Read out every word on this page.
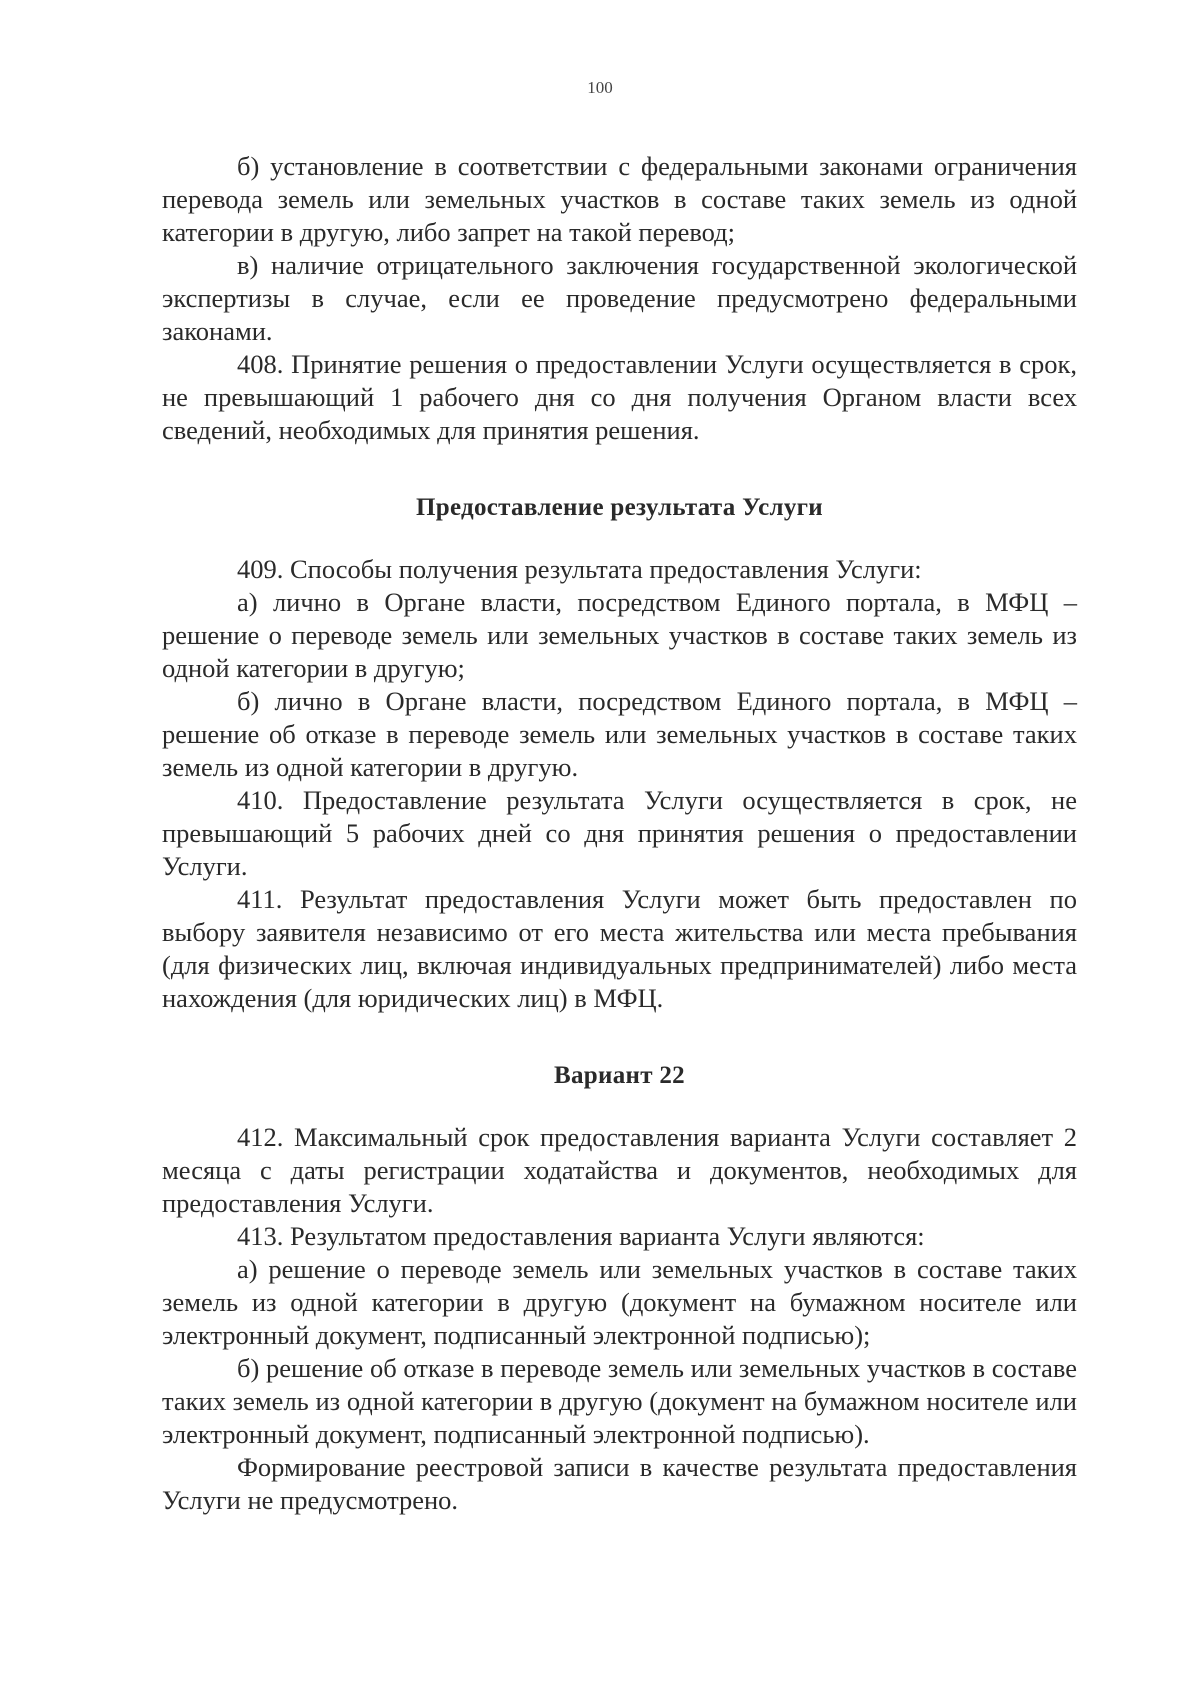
100

б) установление в соответствии с федеральными законами ограничения перевода земель или земельных участков в составе таких земель из одной категории в другую, либо запрет на такой перевод;

в) наличие отрицательного заключения государственной экологической экспертизы в случае, если ее проведение предусмотрено федеральными законами.

408. Принятие решения о предоставлении Услуги осуществляется в срок, не превышающий 1 рабочего дня со дня получения Органом власти всех сведений, необходимых для принятия решения.

Предоставление результата Услуги

409. Способы получения результата предоставления Услуги:

а) лично в Органе власти, посредством Единого портала, в МФЦ – решение о переводе земель или земельных участков в составе таких земель из одной категории в другую;

б) лично в Органе власти, посредством Единого портала, в МФЦ – решение об отказе в переводе земель или земельных участков в составе таких земель из одной категории в другую.

410. Предоставление результата Услуги осуществляется в срок, не превышающий 5 рабочих дней со дня принятия решения о предоставлении Услуги.

411. Результат предоставления Услуги может быть предоставлен по выбору заявителя независимо от его места жительства или места пребывания (для физических лиц, включая индивидуальных предпринимателей) либо места нахождения (для юридических лиц) в МФЦ.

Вариант 22

412. Максимальный срок предоставления варианта Услуги составляет 2 месяца с даты регистрации ходатайства и документов, необходимых для предоставления Услуги.

413. Результатом предоставления варианта Услуги являются:

а) решение о переводе земель или земельных участков в составе таких земель из одной категории в другую (документ на бумажном носителе или электронный документ, подписанный электронной подписью);

б) решение об отказе в переводе земель или земельных участков в составе таких земель из одной категории в другую (документ на бумажном носителе или электронный документ, подписанный электронной подписью).

Формирование реестровой записи в качестве результата предоставления Услуги не предусмотрено.
